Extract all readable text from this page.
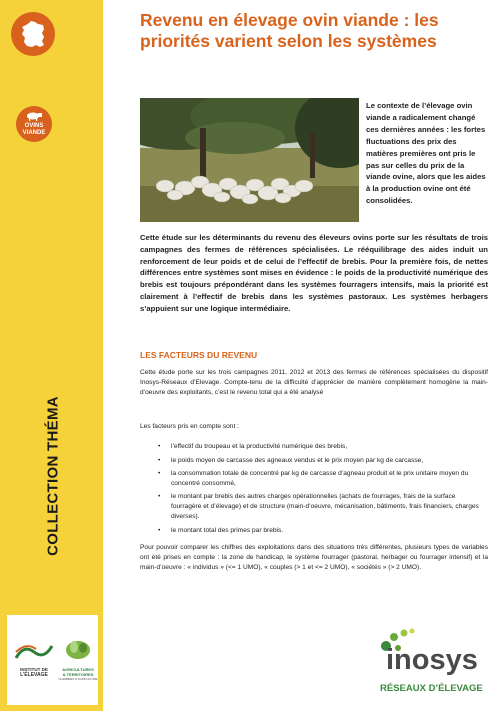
OVINS VIANDE
COLLECTION THÉMA
Revenu en élevage ovin viande : les priorités varient selon les systèmes
Le contexte de l’élevage ovin viande a radicalement changé ces dernières années : les fortes fluctuations des prix des matières premières ont pris le pas sur celles du prix de la viande ovine, alors que les aides à la production ovine ont été consolidées.
Cette étude sur les déterminants du revenu des éleveurs ovins porte sur les résultats de trois campagnes des fermes de références spécialisées. Le rééquilibrage des aides induit un renforcement de leur poids et de celui de l’effectif de brebis. Pour la première fois, de nettes différences entre systèmes sont mises en évidence : le poids de la productivité numérique des brebis est toujours prépondérant dans les systèmes fourragers intensifs, mais la priorité est clairement à l’effectif de brebis dans les systèmes pastoraux. Les systèmes herbagers s’appuient sur une logique intermédiaire.
LES FACTEURS DU REVENU
Cette étude porte sur les trois campagnes 2011, 2012 et 2013 des fermes de références spécialisées du dispositif Inosys-Réseaux d’Elevage. Compte-tenu de la difficulté d’apprécier de manière complètement homogène la main-d’oeuvre des exploitants, c’est le revenu total qui a été analysé
Les facteurs pris en compte sont :
• l’effectif du troupeau et la productivité numérique des brebis,
• le poids moyen de carcasse des agneaux vendus et le prix moyen par kg de carcasse,
• la consommation totale de concentré par kg de carcasse d’agneau produit et le prix unitaire moyen du concentré consommé,
• le montant par brebis des autres charges opérationnelles (achats de fourrages, frais de la surface fourragère et d’élevage) et de structure (main-d’oeuvre, mécanisation, bâtiments, frais financiers, charges diverses).
• le montant total des primes par brebis.
Pour pouvoir comparer les chiffres des exploitations dans des situations très différentes, plusieurs types de variables ont été prises en compte : la zone de handicap, le système fourrager (pastoral, herbager ou fourrager intensif) et la main-d’oeuvre : « individus » (<= 1 UMO), « couples (> 1 et <= 2 UMO), « sociétés » (> 2 UMO).
INSTITUT DE
L’ÉLEVAGE
AGRICULTURES
& TERRITOIRES
CHAMBRES D’AGRICULTURE
inosys
RÉSEAUX D’ÉLEVAGE
